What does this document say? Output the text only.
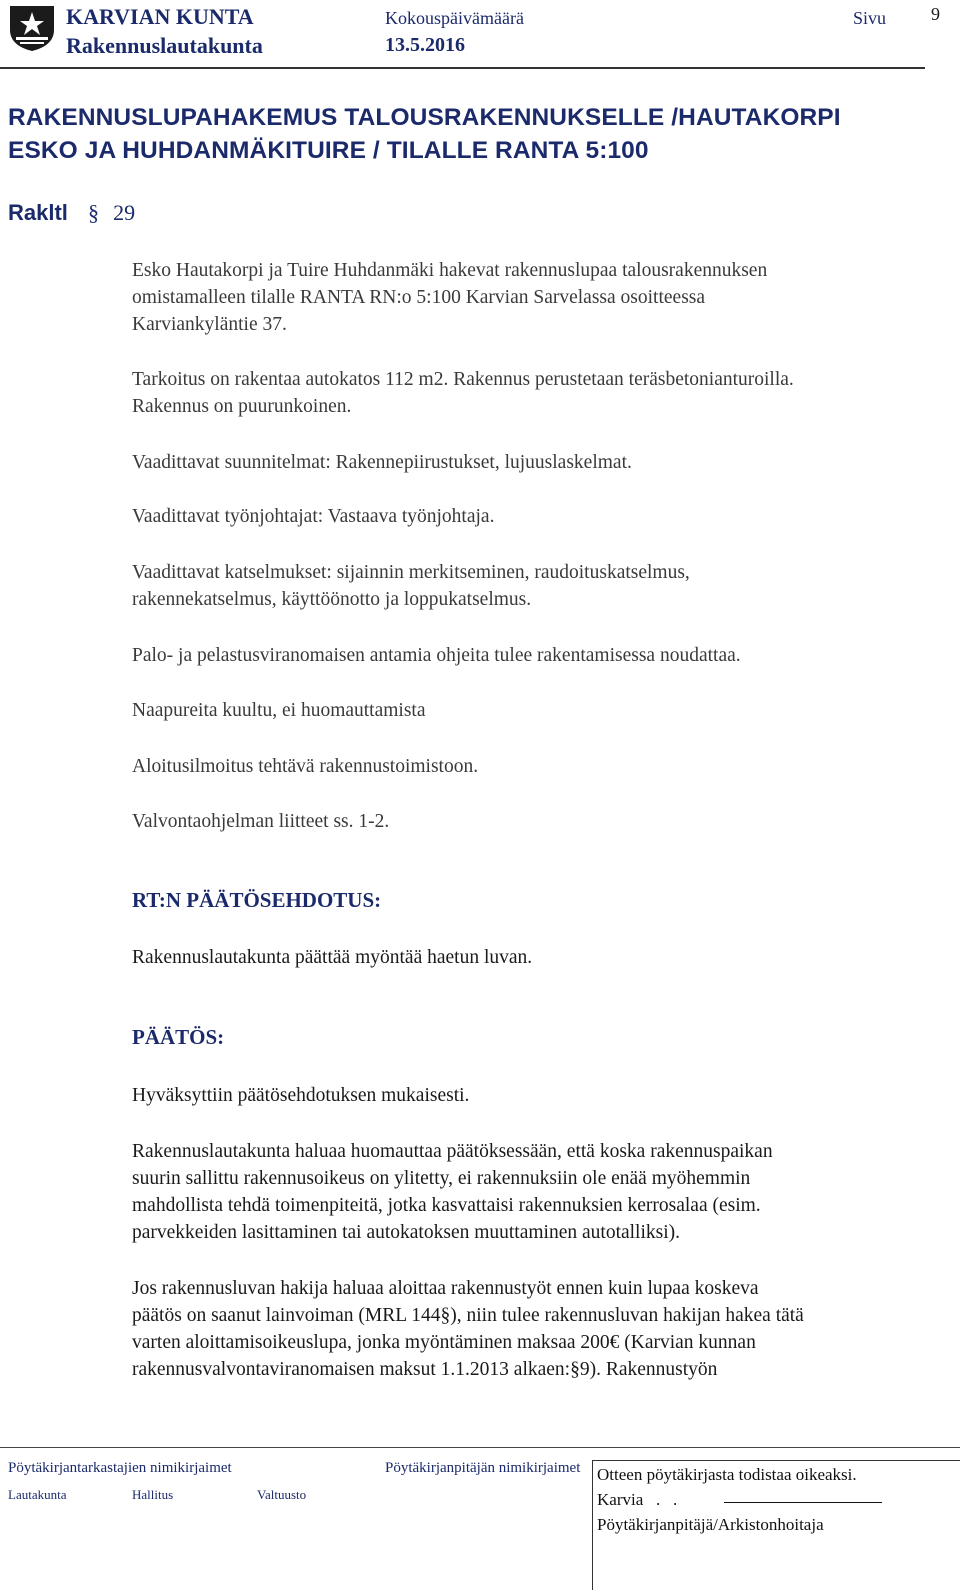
KARVIAN KUNTA
Rakennuslautakunta
Kokouspäivämäärä
13.5.2016
Sivu 9
RAKENNUSLUPAHAKEMUS TALOUSRAKENNUKSELLE /HAUTAKORPI
ESKO JA HUHDANMÄKITUIRE / TILALLE RANTA 5:100
Rakltl § 29
Esko Hautakorpi ja Tuire Huhdanmäki hakevat rakennuslupaa talousrakennuksen
omistamalleen tilalle RANTA RN:o 5:100 Karvian Sarvelassa osoitteessa
Karviankyläntie 37.
Tarkoitus on rakentaa autokatos 112 m2. Rakennus perustetaan teräsbetonianturoilla.
Rakennus on puurunkoinen.
Vaadittavat suunnitelmat: Rakennepiirustukset, lujuuslaskelmat.
Vaadittavat työnjohtajat: Vastaava työnjohtaja.
Vaadittavat katselmukset: sijainnin merkitseminen, raudoituskatselmus,
rakennekatselmus, käyttöönotto ja loppukatselmus.
Palo- ja pelastusviranomaisen antamia ohjeita tulee rakentamisessa noudattaa.
Naapureita kuultu, ei huomauttamista
Aloitusilmoitus tehtävä rakennustoimistoon.
Valvontaohjelman liitteet ss. 1-2.
RT:N PÄÄTÖSEHDOTUS:
Rakennuslautakunta päättää myöntää haetun luvan.
PÄÄTÖS:
Hyväksyttiin päätösehdotuksen mukaisesti.
Rakennuslautakunta haluaa huomauttaa päätöksessään, että koska rakennuspaikan
suurin sallittu rakennusoikeus on ylitetty, ei rakennuksiin ole enää myöhemmin
mahdollista tehdä toimenpiteitä, jotka kasvattaisi rakennuksien kerrosalaa (esim.
parvekkeiden lasittaminen tai autokatoksen muuttaminen autotalliksi).
Jos rakennusluvan hakija haluaa aloittaa rakennustyöt ennen kuin lupaa koskeva
päätös on saanut lainvoiman (MRL 144§), niin tulee rakennusluvan hakijan hakea tätä
varten aloittamisoikeuslupa, jonka myöntäminen maksaa 200€ (Karvian kunnan
rakennusvalvontaviranomaisen maksut 1.1.2013 alkaen:§9). Rakennustyön
Pöytäkirjantarkastajien nimikirjaimet	Pöytäkirjanpitäjän nimikirjaimet
Lautakunta	Hallitus	Valtuusto
Otteen pöytäkirjasta todistaa oikeaksi.
Karvia   .   .
Pöytäkirjanpitäjä/Arkistonhoitaja
